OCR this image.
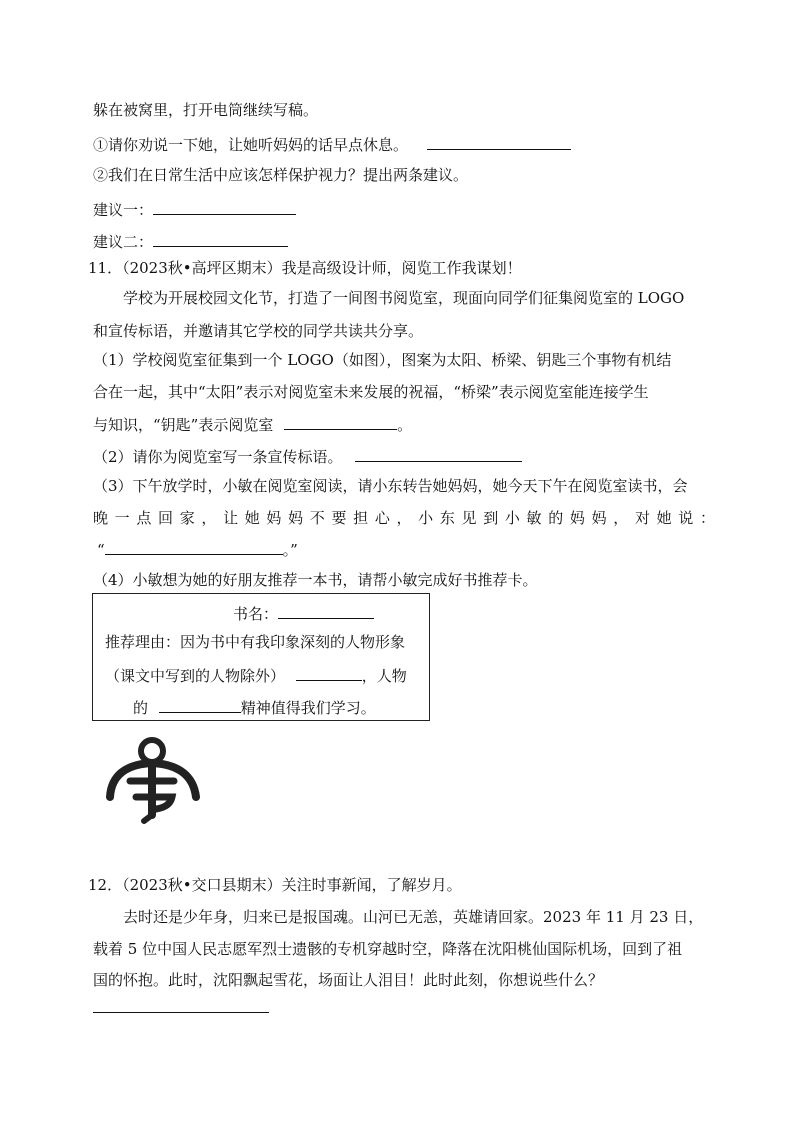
躲在被窝里，打开电筒继续写稿。
①请你劝说一下她，让她听妈妈的话早点休息。
②我们在日常生活中应该怎样保护视力？提出两条建议。
建议一：
建议二：
11．（2023秋•高坪区期末）我是高级设计师，阅览工作我谋划！
学校为开展校园文化节，打造了一间图书阅览室，现面向同学们征集阅览室的 LOGO
和宣传标语，并邀请其它学校的同学共读共分享。
（1）学校阅览室征集到一个 LOGO（如图），图案为太阳、桥梁、钥匙三个事物有机结
合在一起，其中“太阳”表示对阅览室未来发展的祝福，“桥梁”表示阅览室能连接学生
与知识，“钥匙”表示阅览室	。
（2）请你为阅览室写一条宣传标语。
（3）下午放学时，小敏在阅览室阅读，请小东转告她妈妈，她今天下午在阅览室读书，会
晚一点回家，让她妈妈不要担心，小东见到小敏的妈妈，对她说：
“	。”
（4）小敏想为她的好朋友推荐一本书，请帮小敏完成好书推荐卡。
书名：
推荐理由：因为书中有我印象深刻的人物形象
（课文中写到的人物除外）	，人物
的	精神值得我们学习。
12．（2023秋•交口县期末）关注时事新闻，了解岁月。
去时还是少年身，归来已是报国魂。山河已无恙，英雄请回家。2023 年 11 月 23 日，
载着 5 位中国人民志愿军烈士遗骸的专机穿越时空，降落在沈阳桃仙国际机场，回到了祖
国的怀抱。此时，沈阳飘起雪花，场面让人泪目！此时此刻，你想说些什么？
